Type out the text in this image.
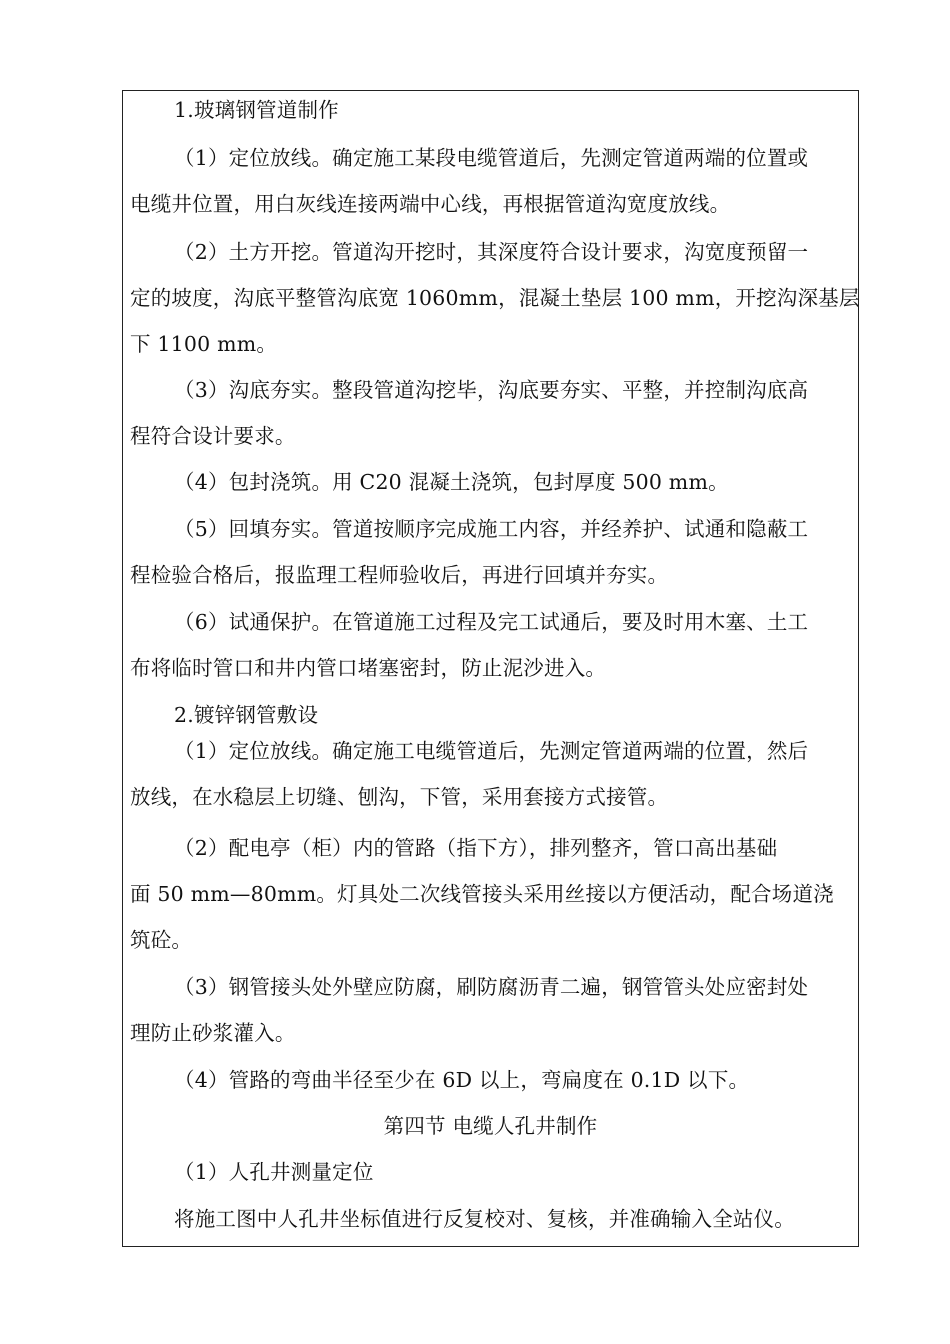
1.玻璃钢管道制作
（1）定位放线。确定施工某段电缆管道后，先测定管道两端的位置或
电缆井位置，用白灰线连接两端中心线，再根据管道沟宽度放线。
（2）土方开挖。管道沟开挖时，其深度符合设计要求，沟宽度预留一
定的坡度，沟底平整管沟底宽 1060mm，混凝土垫层 100 mm，开挖沟深基层
下 1100 mm。
（3）沟底夯实。整段管道沟挖毕，沟底要夯实、平整，并控制沟底高
程符合设计要求。
（4）包封浇筑。用 C20 混凝土浇筑，包封厚度 500 mm。
（5）回填夯实。管道按顺序完成施工内容，并经养护、试通和隐蔽工
程检验合格后，报监理工程师验收后，再进行回填并夯实。
（6）试通保护。在管道施工过程及完工试通后，要及时用木塞、土工
布将临时管口和井内管口堵塞密封，防止泥沙进入。
2.镀锌钢管敷设
（1）定位放线。确定施工电缆管道后，先测定管道两端的位置，然后
放线，在水稳层上切缝、刨沟，下管，采用套接方式接管。
（2）配电亭（柜）内的管路（指下方），排列整齐，管口高出基础
面 50 mm—80mm。灯具处二次线管接头采用丝接以方便活动，配合场道浇
筑砼。
（3）钢管接头处外壁应防腐，刷防腐沥青二遍，钢管管头处应密封处
理防止砂浆灌入。
（4）管路的弯曲半径至少在 6D 以上，弯扁度在 0.1D 以下。
第四节 电缆人孔井制作
（1）人孔井测量定位
将施工图中人孔井坐标值进行反复校对、复核，并准确输入全站仪。
